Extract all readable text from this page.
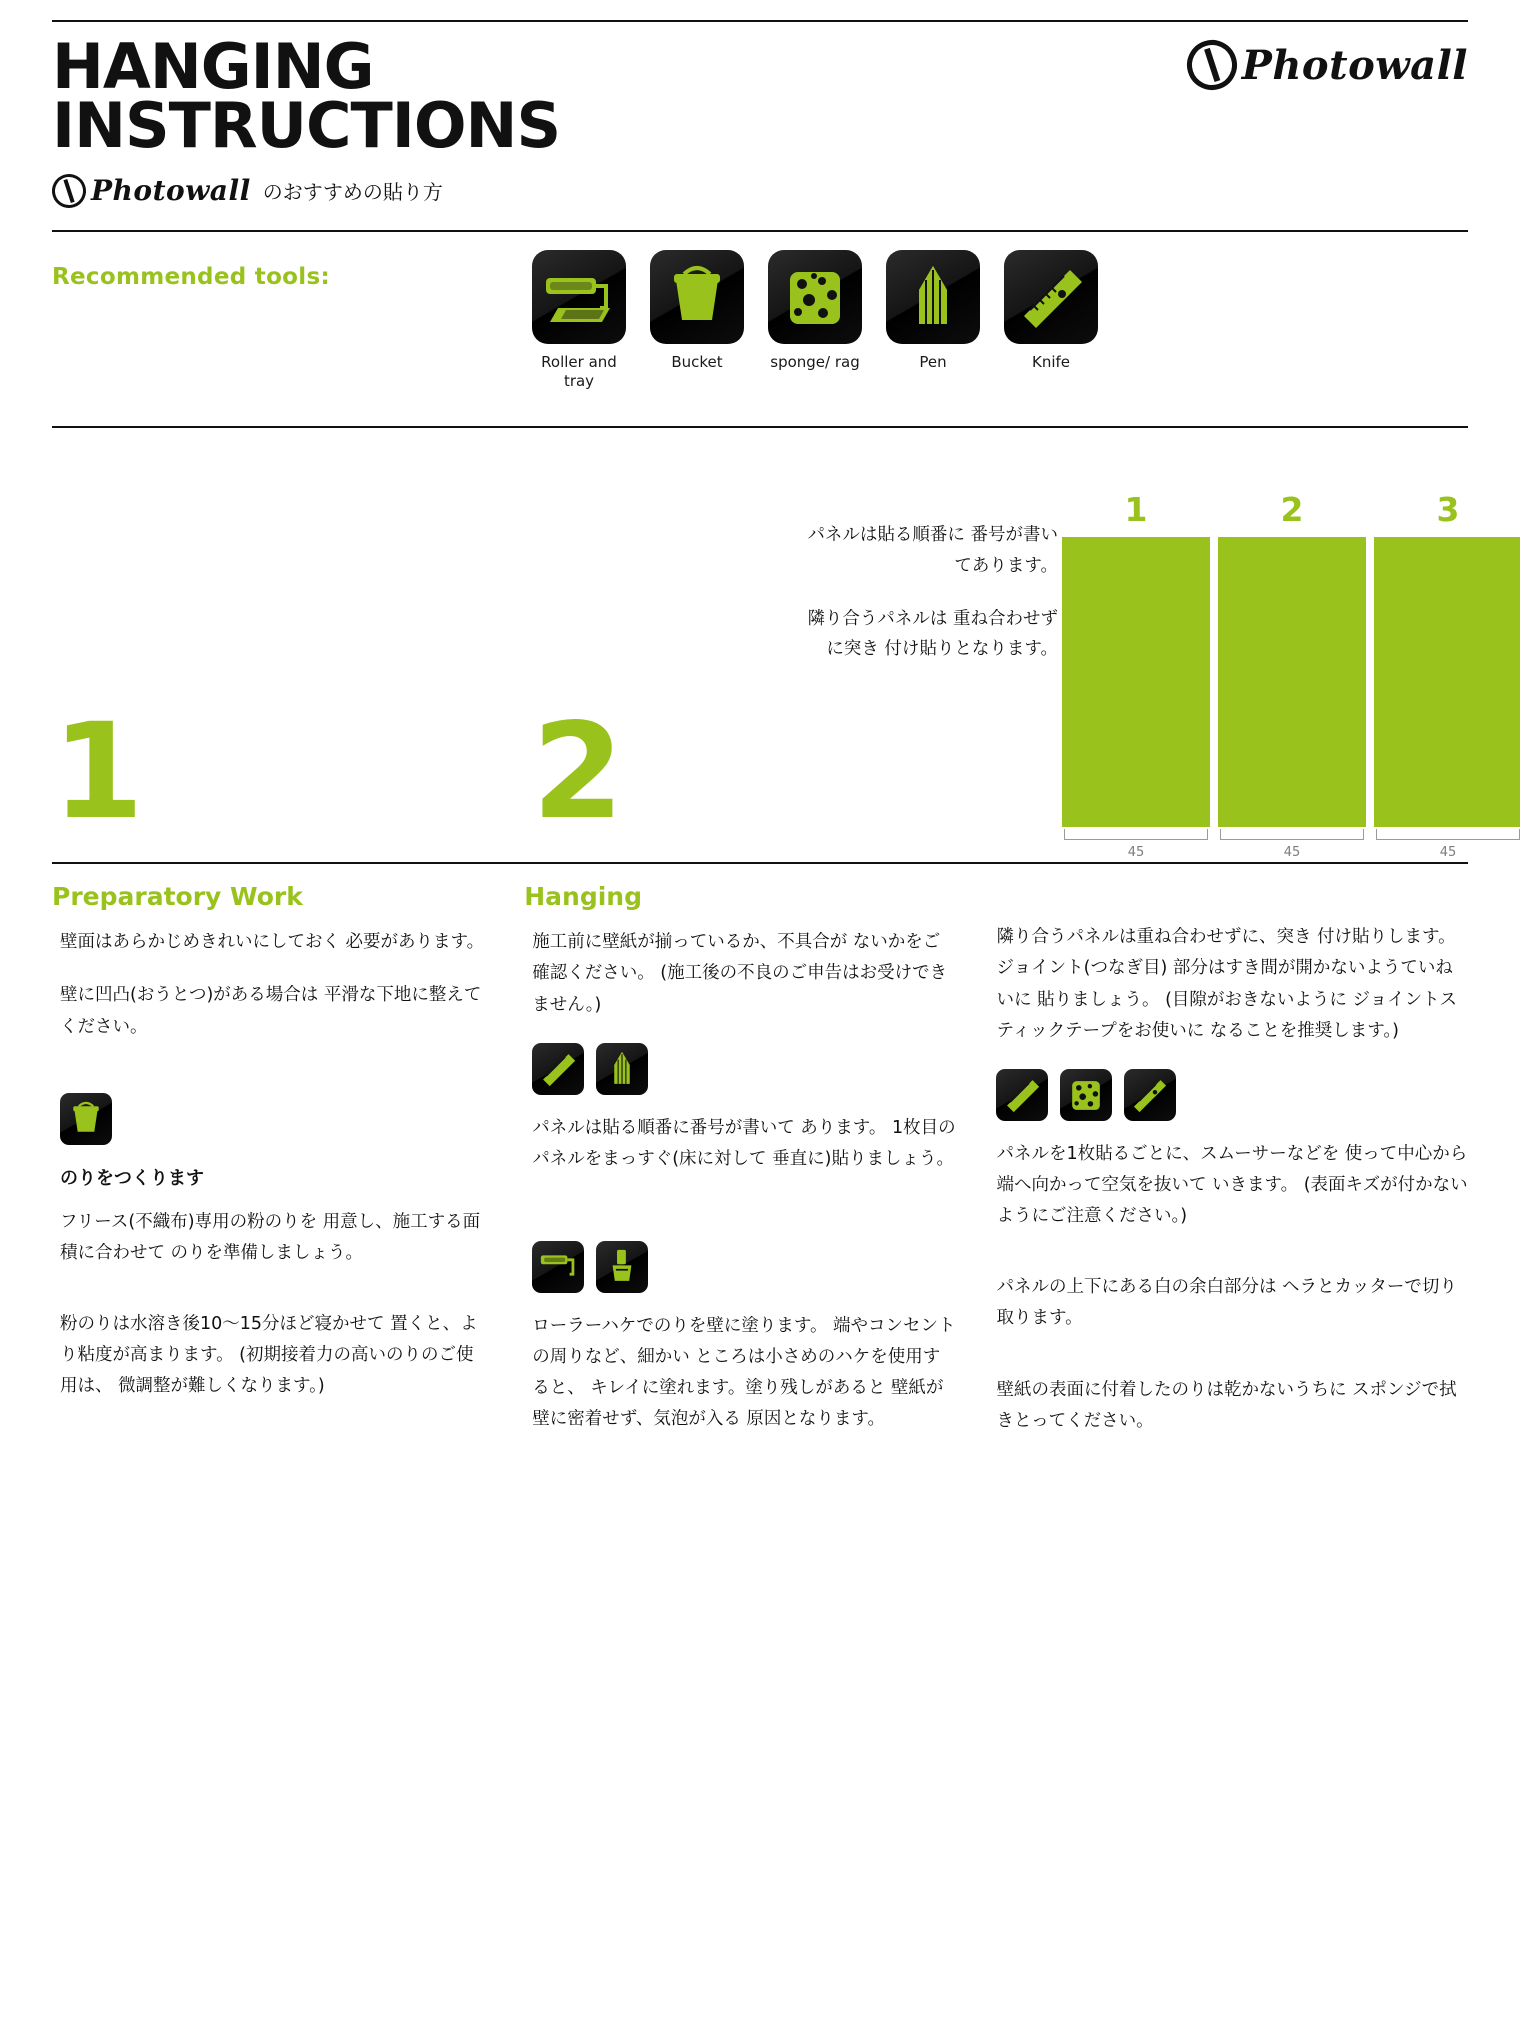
HANGING
INSTRUCTIONS
Photowall のおすすめの貼り方
Photowall
Recommended tools:
Roller and tray
Bucket	sponge/ rag	Pen	Knife
1	2

パネルは貼る順番に 番号が書いてあります。

隣り合うパネルは 重ね合わせずに突き 付け貼りとなります。

1	2	3
45	45	45
Preparatory Work

壁面はあらかじめきれいにしておく 必要があります。

壁に凹凸(おうとつ)がある場合は 平滑な下地に整えてください。

のりをつくります

フリース(不織布)専用の粉のりを 用意し、施工する面積に合わせて のりを準備しましょう。

粉のりは水溶き後10〜15分ほど寝かせて 置くと、より粘度が高まります。 (初期接着力の高いのりのご使用は、 微調整が難しくなります。)

Hanging

施工前に壁紙が揃っているか、不具合が ないかをご確認ください。 (施工後の不良のご申告はお受けできません。)

パネルは貼る順番に番号が書いて あります。 1枚目のパネルをまっすぐ(床に対して 垂直に)貼りましょう。

ローラーハケでのりを壁に塗ります。 端やコンセントの周りなど、細かい ところは小さめのハケを使用すると、 キレイに塗れます。塗り残しがあると 壁紙が壁に密着せず、気泡が入る 原因となります。

隣り合うパネルは重ね合わせずに、突き 付け貼りします。ジョイント(つなぎ目) 部分はすき間が開かないようていねいに 貼りましょう。 (目隙がおきないように ジョイントスティックテープをお使いに なることを推奨します。)

パネルを1枚貼るごとに、スムーサーなどを 使って中心から端へ向かって空気を抜いて いきます。 (表面キズが付かないようにご注意ください。)

パネルの上下にある白の余白部分は ヘラとカッターで切り取ります。

壁紙の表面に付着したのりは乾かないうちに スポンジで拭きとってください。
